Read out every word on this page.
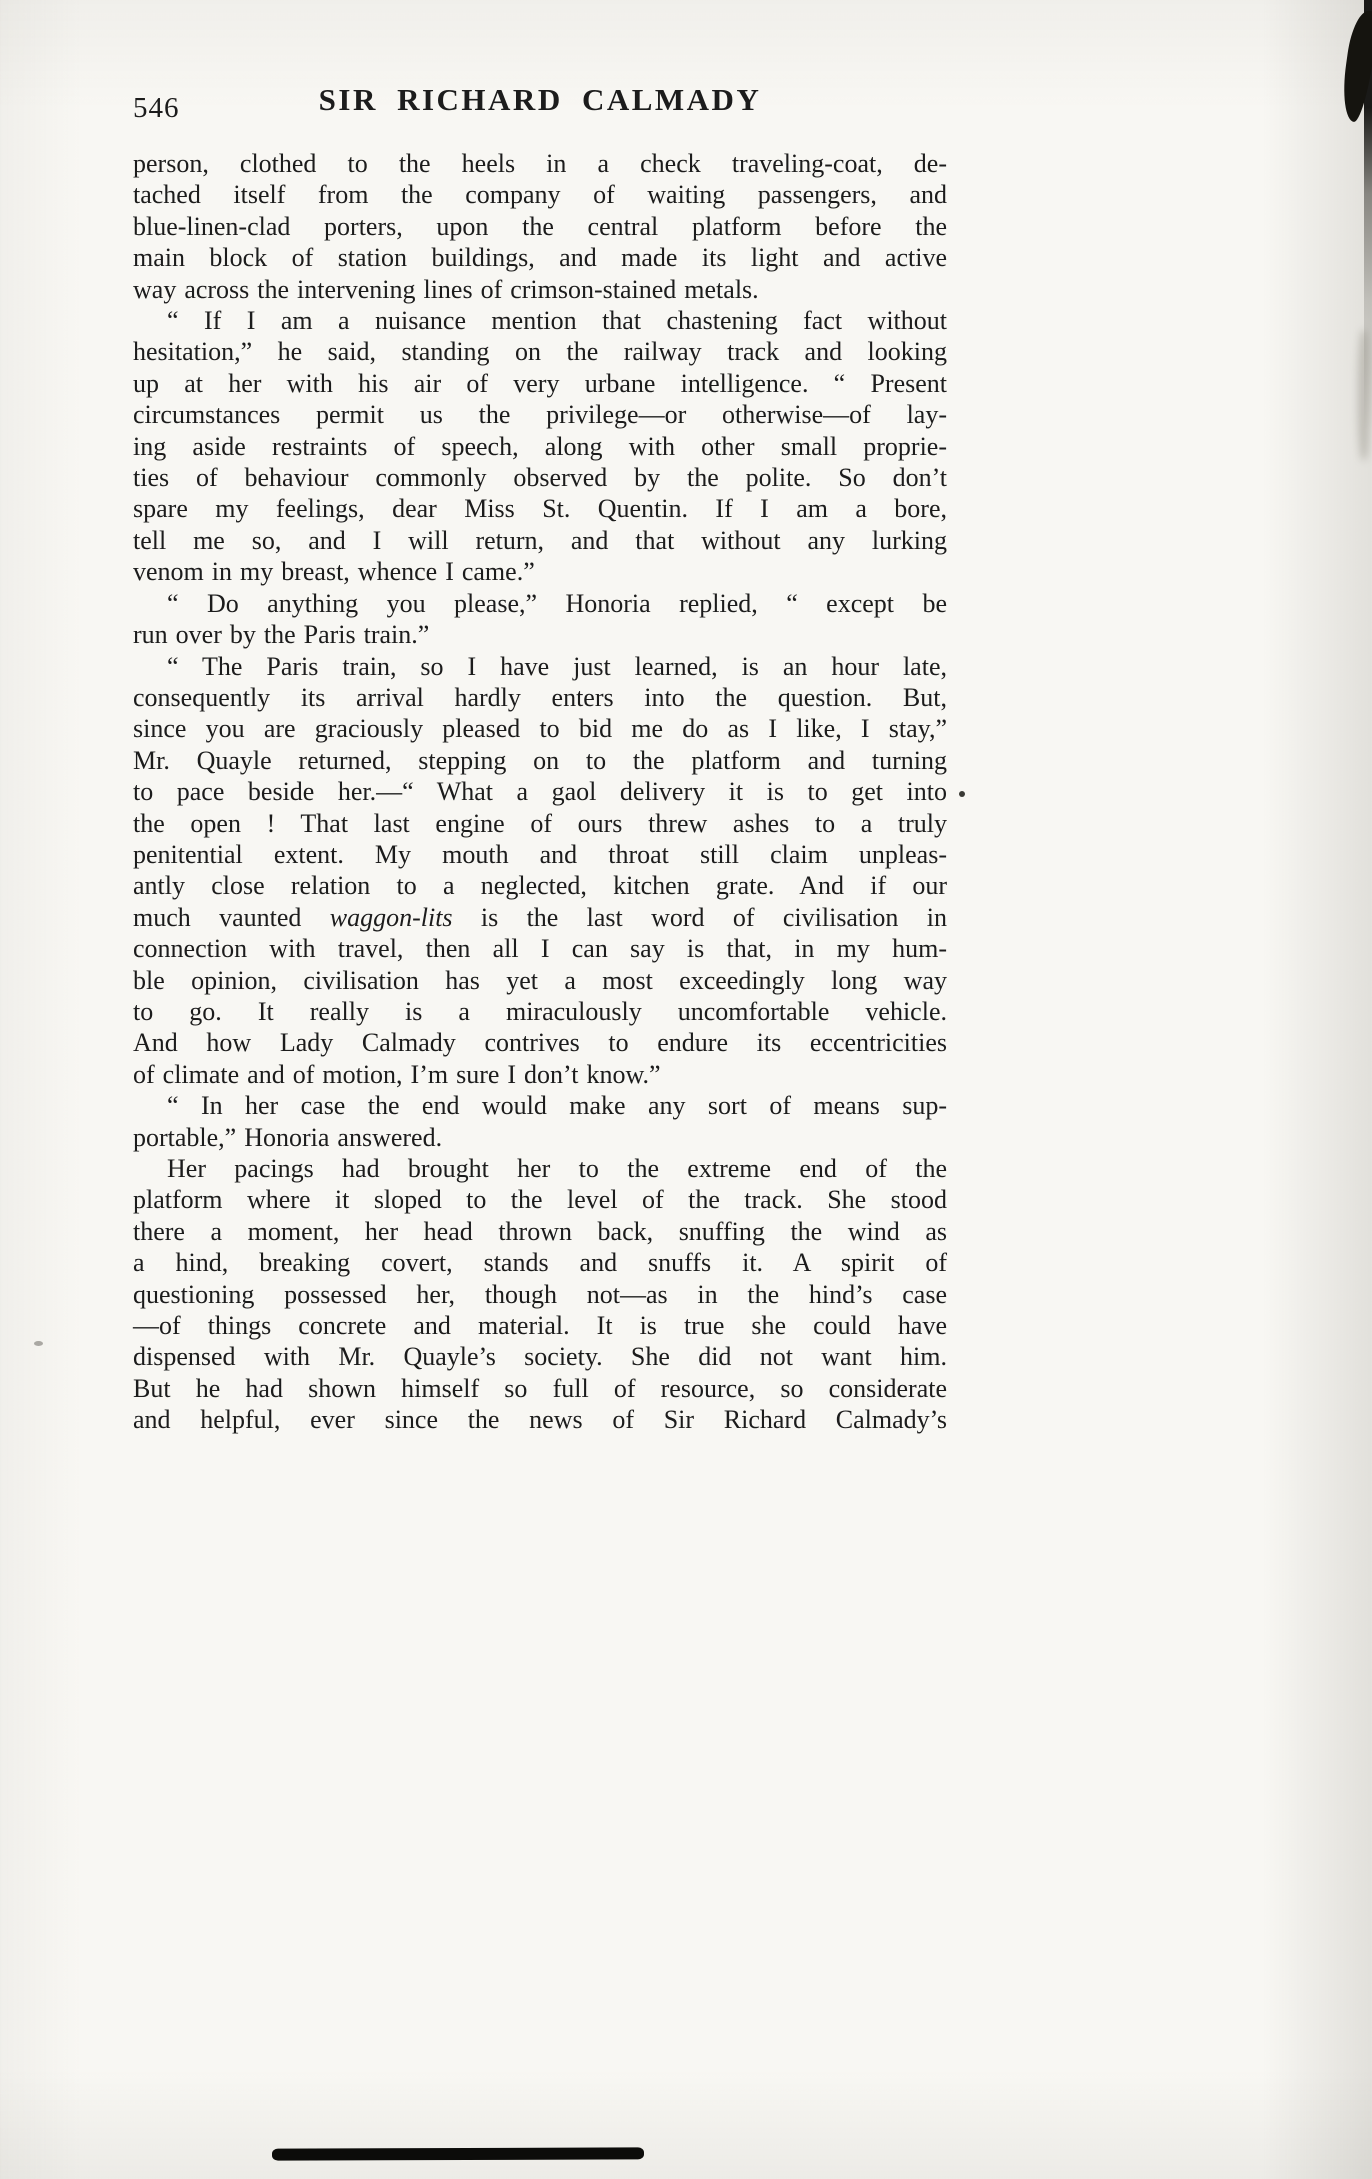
546	SIR RICHARD CALMADY
person, clothed to the heels in a check traveling-coat, de-
tached itself from the company of waiting passengers, and
blue-linen-clad porters, upon the central platform before the
main block of station buildings, and made its light and active
way across the intervening lines of crimson-stained metals.
“ If I am a nuisance mention that chastening fact without
hesitation,” he said, standing on the railway track and looking
up at her with his air of very urbane intelligence. “ Present
circumstances permit us the privilege—or otherwise—of lay-
ing aside restraints of speech, along with other small proprie-
ties of behaviour commonly observed by the polite. So don’t
spare my feelings, dear Miss St. Quentin. If I am a bore,
tell me so, and I will return, and that without any lurking
venom in my breast, whence I came.”
“ Do anything you please,” Honoria replied, “ except be
run over by the Paris train.”
“ The Paris train, so I have just learned, is an hour late,
consequently its arrival hardly enters into the question. But,
since you are graciously pleased to bid me do as I like, I stay,”
Mr. Quayle returned, stepping on to the platform and turning
to pace beside her.—“ What a gaol delivery it is to get into
the open ! That last engine of ours threw ashes to a truly
penitential extent. My mouth and throat still claim unpleas-
antly close relation to a neglected, kitchen grate. And if our
much vaunted waggon-lits is the last word of civilisation in
connection with travel, then all I can say is that, in my hum-
ble opinion, civilisation has yet a most exceedingly long way
to go. It really is a miraculously uncomfortable vehicle.
And how Lady Calmady contrives to endure its eccentricities
of climate and of motion, I’m sure I don’t know.”
“ In her case the end would make any sort of means sup-
portable,” Honoria answered.
Her pacings had brought her to the extreme end of the
platform where it sloped to the level of the track. She stood
there a moment, her head thrown back, snuffing the wind as
a hind, breaking covert, stands and snuffs it. A spirit of
questioning possessed her, though not—as in the hind’s case
—of things concrete and material. It is true she could have
dispensed with Mr. Quayle’s society. She did not want him.
But he had shown himself so full of resource, so considerate
and helpful, ever since the news of Sir Richard Calmady’s
